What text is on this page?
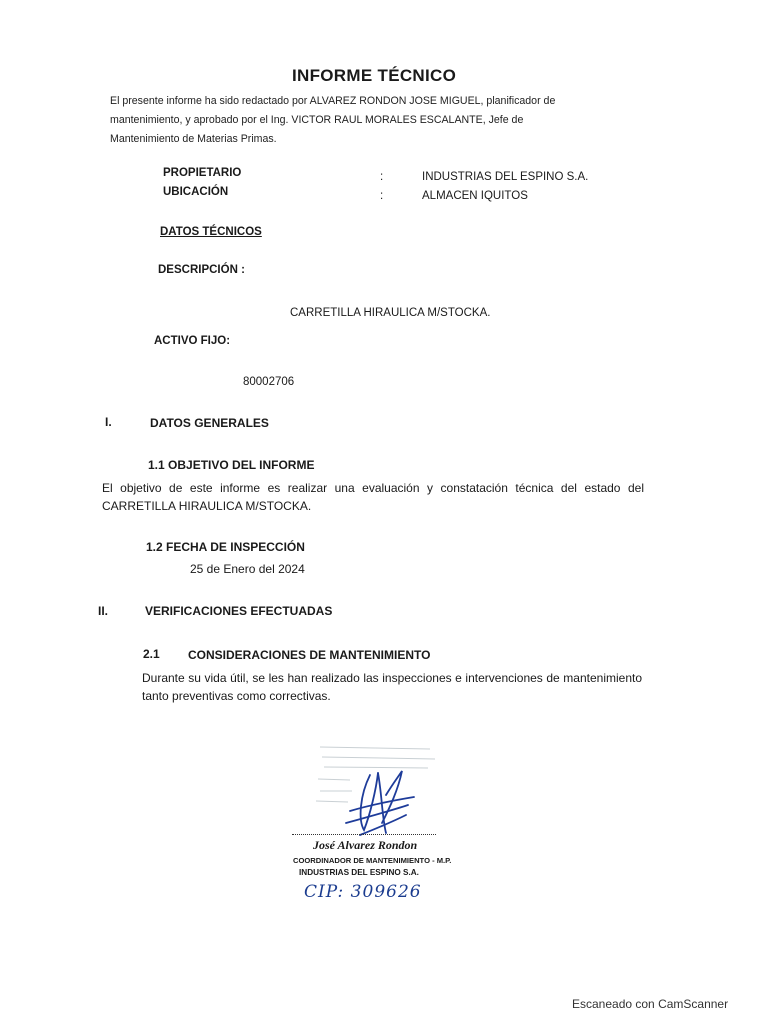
INFORME TÉCNICO
El presente informe ha sido redactado por ALVAREZ RONDON JOSE MIGUEL, planificador de
mantenimiento, y aprobado por el Ing. VICTOR RAUL MORALES ESCALANTE, Jefe de
Mantenimiento de Materias Primas.
PROPIETARIO	:	INDUSTRIAS DEL ESPINO S.A.
UBICACIÓN	:	ALMACEN IQUITOS
DATOS TÉCNICOS
DESCRIPCIÓN :
CARRETILLA HIRAULICA M/STOCKA.
ACTIVO FIJO:
80002706
I.	DATOS GENERALES
1.1 OBJETIVO DEL INFORME
El objetivo de este informe es realizar una evaluación y constatación técnica del estado del CARRETILLA HIRAULICA M/STOCKA.
1.2 FECHA DE INSPECCIÓN
25 de Enero del 2024
II.	VERIFICACIONES EFECTUADAS
2.1 CONSIDERACIONES DE MANTENIMIENTO
Durante su vida útil, se les han realizado las inspecciones e intervenciones de mantenimiento tanto preventivas como correctivas.
José Alvarez Rondon
COORDINADOR DE MANTENIMIENTO - M.P.
INDUSTRIAS DEL ESPINO S.A.
CIP: 309626
Escaneado con CamScanner
